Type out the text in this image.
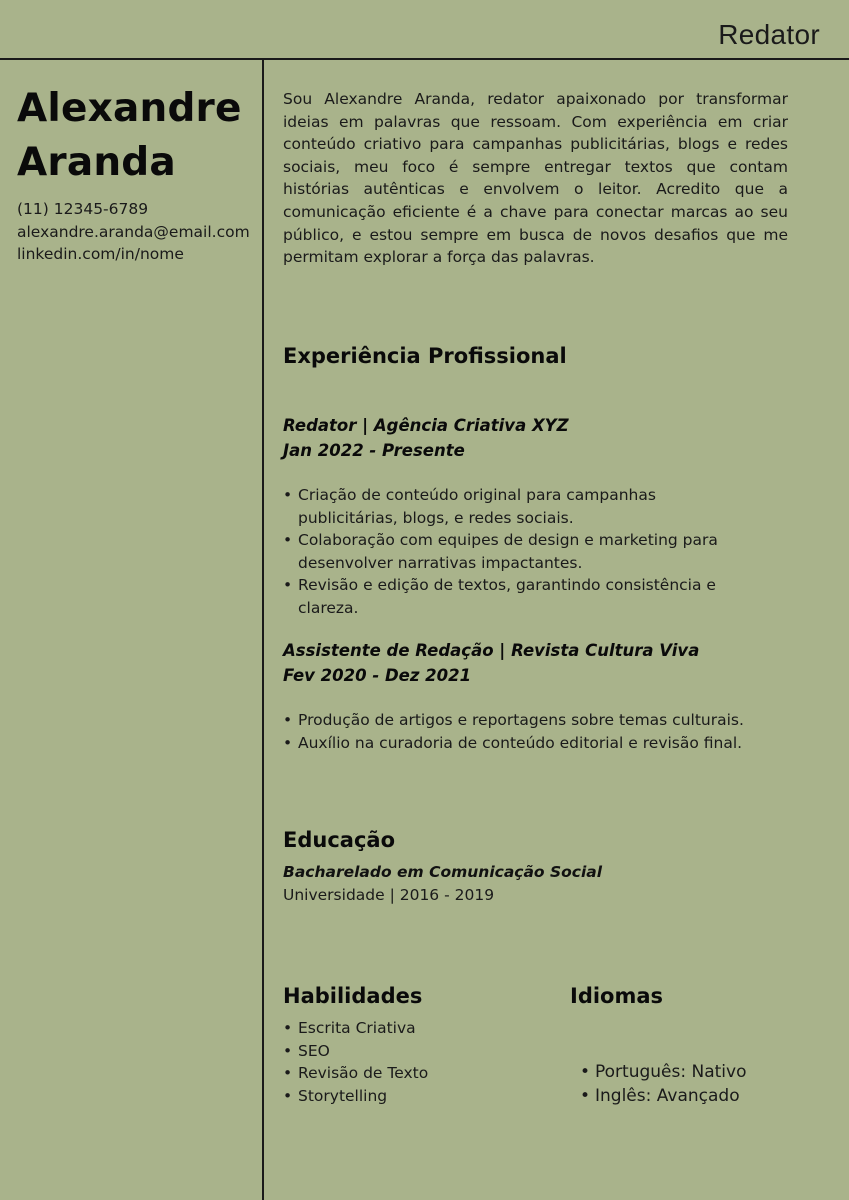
Redator
Alexandre
Aranda
(11) 12345-6789
alexandre.aranda@email.com
linkedin.com/in/nome

Sou Alexandre Aranda, redator apaixonado por transformar ideias em palavras que ressoam. Com experiência em criar conteúdo criativo para campanhas publicitárias, blogs e redes sociais, meu foco é sempre entregar textos que contam histórias autênticas e envolvem o leitor. Acredito que a comunicação eficiente é a chave para conectar marcas ao seu público, e estou sempre em busca de novos desafios que me permitam explorar a força das palavras.

Experiência Profissional
Redator | Agência Criativa XYZ
Jan 2022 - Presente
• Criação de conteúdo original para campanhas publicitárias, blogs, e redes sociais.
• Colaboração com equipes de design e marketing para desenvolver narrativas impactantes.
• Revisão e edição de textos, garantindo consistência e clareza.
Assistente de Redação | Revista Cultura Viva
Fev 2020 - Dez 2021
• Produção de artigos e reportagens sobre temas culturais.
• Auxílio na curadoria de conteúdo editorial e revisão final.
Educação
Bacharelado em Comunicação Social
Universidade | 2016 - 2019
Habilidades
• Escrita Criativa
• SEO
• Revisão de Texto
• Storytelling
Idiomas
• Português: Nativo
• Inglês: Avançado
